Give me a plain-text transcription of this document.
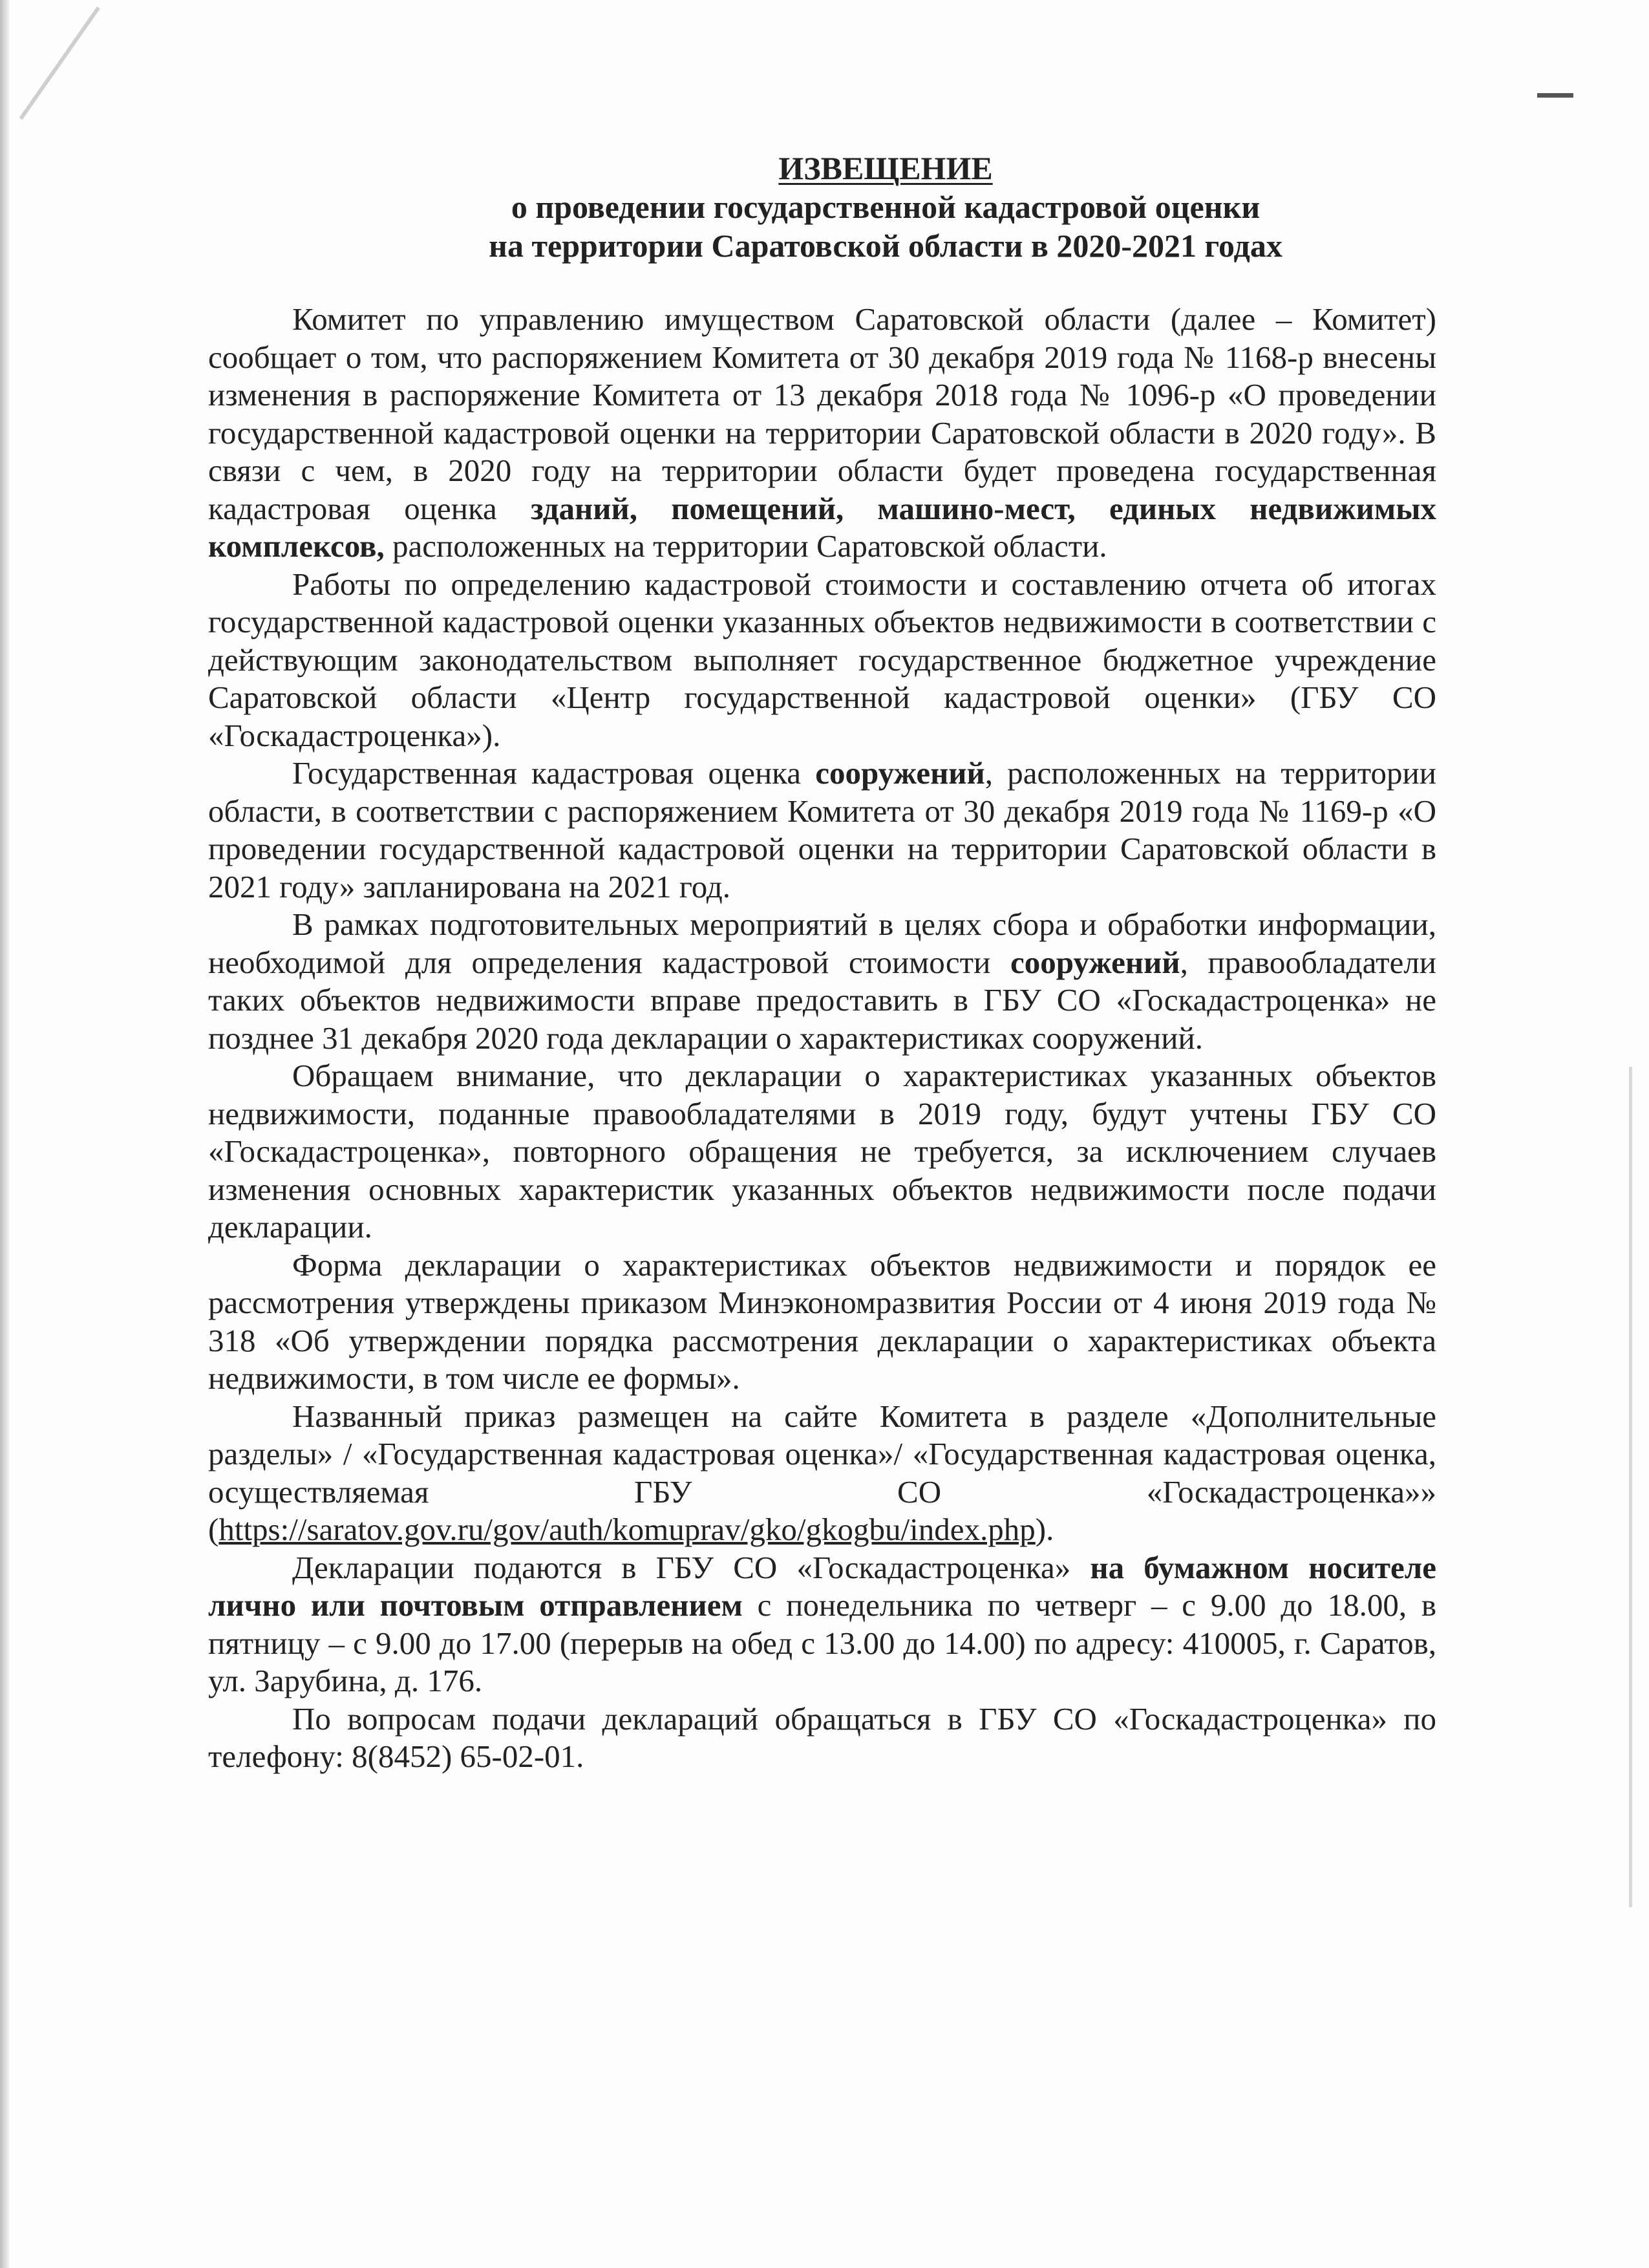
ИЗВЕЩЕНИЕ
о проведении государственной кадастровой оценки
на территории Саратовской области в 2020-2021 годах

Комитет по управлению имуществом Саратовской области (далее – Комитет) сообщает о том, что распоряжением Комитета от 30 декабря 2019 года № 1168-р внесены изменения в распоряжение Комитета от 13 декабря 2018 года № 1096-р «О проведении государственной кадастровой оценки на территории Саратовской области в 2020 году». В связи с чем, в 2020 году на территории области будет проведена государственная кадастровая оценка зданий, помещений, машино-мест, единых недвижимых комплексов, расположенных на территории Саратовской области.

Работы по определению кадастровой стоимости и составлению отчета об итогах государственной кадастровой оценки указанных объектов недвижимости в соответствии с действующим законодательством выполняет государственное бюджетное учреждение Саратовской области «Центр государственной кадастровой оценки» (ГБУ СО «Госкадастроценка»).

Государственная кадастровая оценка сооружений, расположенных на территории области, в соответствии с распоряжением Комитета от 30 декабря 2019 года № 1169-р «О проведении государственной кадастровой оценки на территории Саратовской области в 2021 году» запланирована на 2021 год.

В рамках подготовительных мероприятий в целях сбора и обработки информации, необходимой для определения кадастровой стоимости сооружений, правообладатели таких объектов недвижимости вправе предоставить в ГБУ СО «Госкадастроценка» не позднее 31 декабря 2020 года декларации о характеристиках сооружений.

Обращаем внимание, что декларации о характеристиках указанных объектов недвижимости, поданные правообладателями в 2019 году, будут учтены ГБУ СО «Госкадастроценка», повторного обращения не требуется, за исключением случаев изменения основных характеристик указанных объектов недвижимости после подачи декларации.

Форма декларации о характеристиках объектов недвижимости и порядок ее рассмотрения утверждены приказом Минэкономразвития России от 4 июня 2019 года № 318 «Об утверждении порядка рассмотрения декларации о характеристиках объекта недвижимости, в том числе ее формы».

Названный приказ размещен на сайте Комитета в разделе «Дополнительные разделы» / «Государственная кадастровая оценка»/ «Государственная кадастровая оценка, осуществляемая ГБУ СО «Госкадастроценка»» (https://saratov.gov.ru/gov/auth/komuprav/gko/gkogbu/index.php).

Декларации подаются в ГБУ СО «Госкадастроценка» на бумажном носителе лично или почтовым отправлением с понедельника по четверг – с 9.00 до 18.00, в пятницу – с 9.00 до 17.00 (перерыв на обед с 13.00 до 14.00) по адресу: 410005, г. Саратов, ул. Зарубина, д. 176.

По вопросам подачи деклараций обращаться в ГБУ СО «Госкадастроценка» по телефону: 8(8452) 65-02-01.
